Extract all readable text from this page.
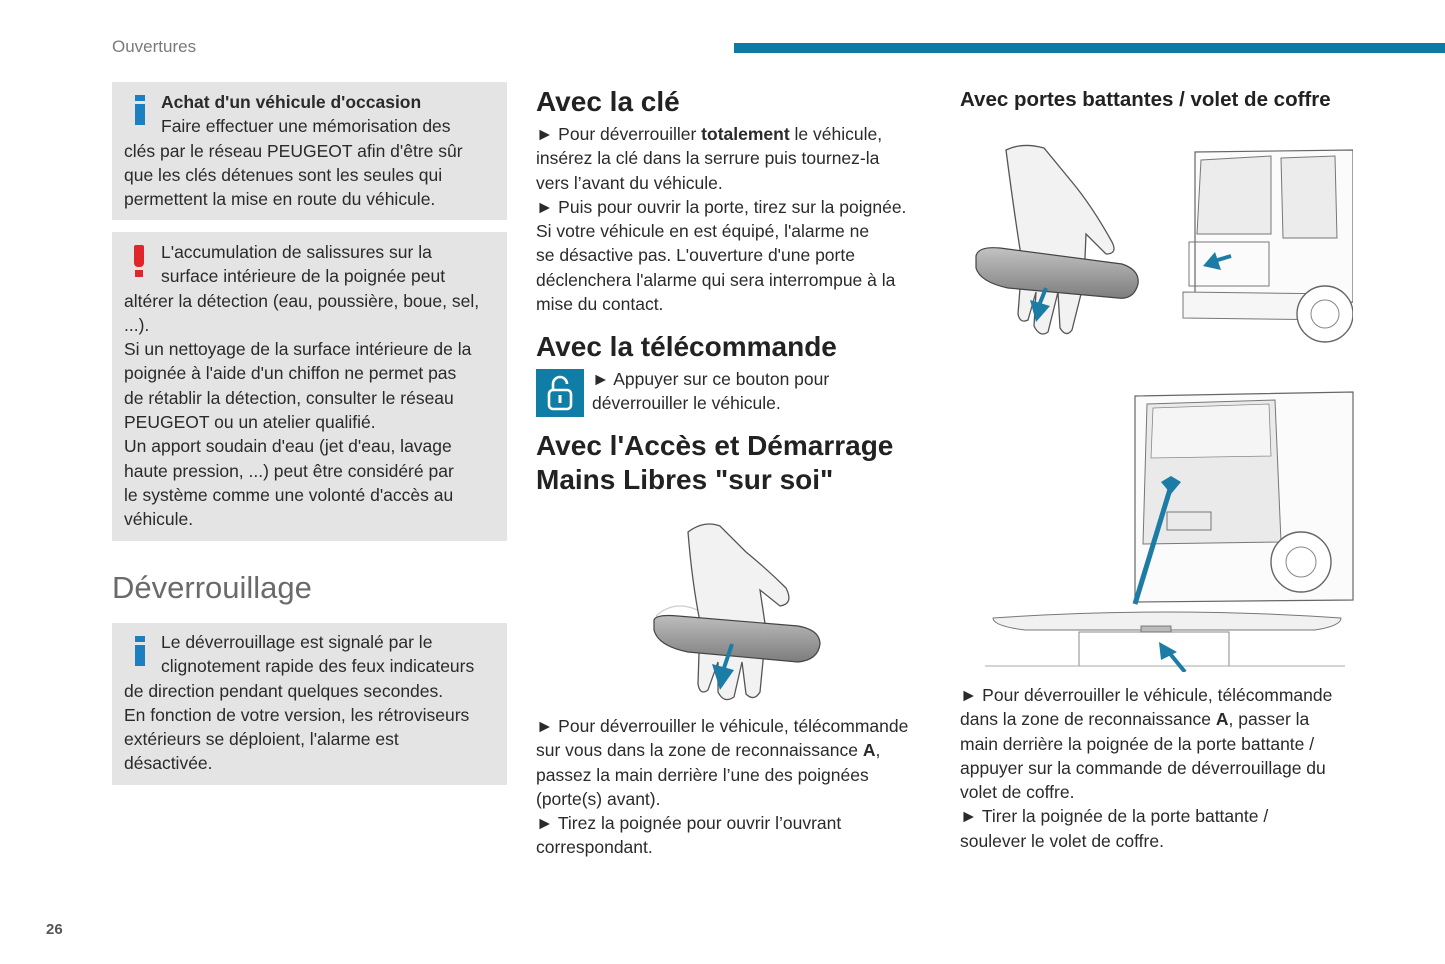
Ouvertures

Achat d'un véhicule d'occasion

Faire effectuer une mémorisation des

clés par le réseau PEUGEOT afin d'être sûr

que les clés détenues sont les seules qui

permettent la mise en route du véhicule.

L'accumulation de salissures sur la

surface intérieure de la poignée peut

altérer la détection (eau, poussière, boue, sel,

...).

Si un nettoyage de la surface intérieure de la

poignée à l'aide d'un chiffon ne permet pas

de rétablir la détection, consulter le réseau

PEUGEOT ou un atelier qualifié.

Un apport soudain d'eau (jet d'eau, lavage

haute pression, ...) peut être considéré par

le système comme une volonté d'accès au

véhicule.

Déverrouillage

Le déverrouillage est signalé par le

clignotement rapide des feux indicateurs

de direction pendant quelques secondes.

En fonction de votre version, les rétroviseurs

extérieurs se déploient, l'alarme est

désactivée.

Avec la clé

► Pour déverrouiller totalement le véhicule,

insérez la clé dans la serrure puis tournez-la

vers l’avant du véhicule.

► Puis pour ouvrir la porte, tirez sur la poignée.

Si votre véhicule en est équipé, l'alarme ne

se désactive pas. L'ouverture d'une porte

déclenchera l'alarme qui sera interrompue à la

mise du contact.

Avec la télécommande

► Appuyer sur ce bouton pour

déverrouiller le véhicule.

Avec l'Accès et Démarrage
Mains Libres "sur soi"

► Pour déverrouiller le véhicule, télécommande

sur vous dans la zone de reconnaissance A,

passez la main derrière l’une des poignées

(porte(s) avant).

► Tirez la poignée pour ouvrir l’ouvrant

correspondant.

Avec portes battantes / volet de coffre

► Pour déverrouiller le véhicule, télécommande

dans la zone de reconnaissance A, passer la

main derrière la poignée de la porte battante /

appuyer sur la commande de déverrouillage du

volet de coffre.

► Tirer la poignée de la porte battante /

soulever le volet de coffre.

26
